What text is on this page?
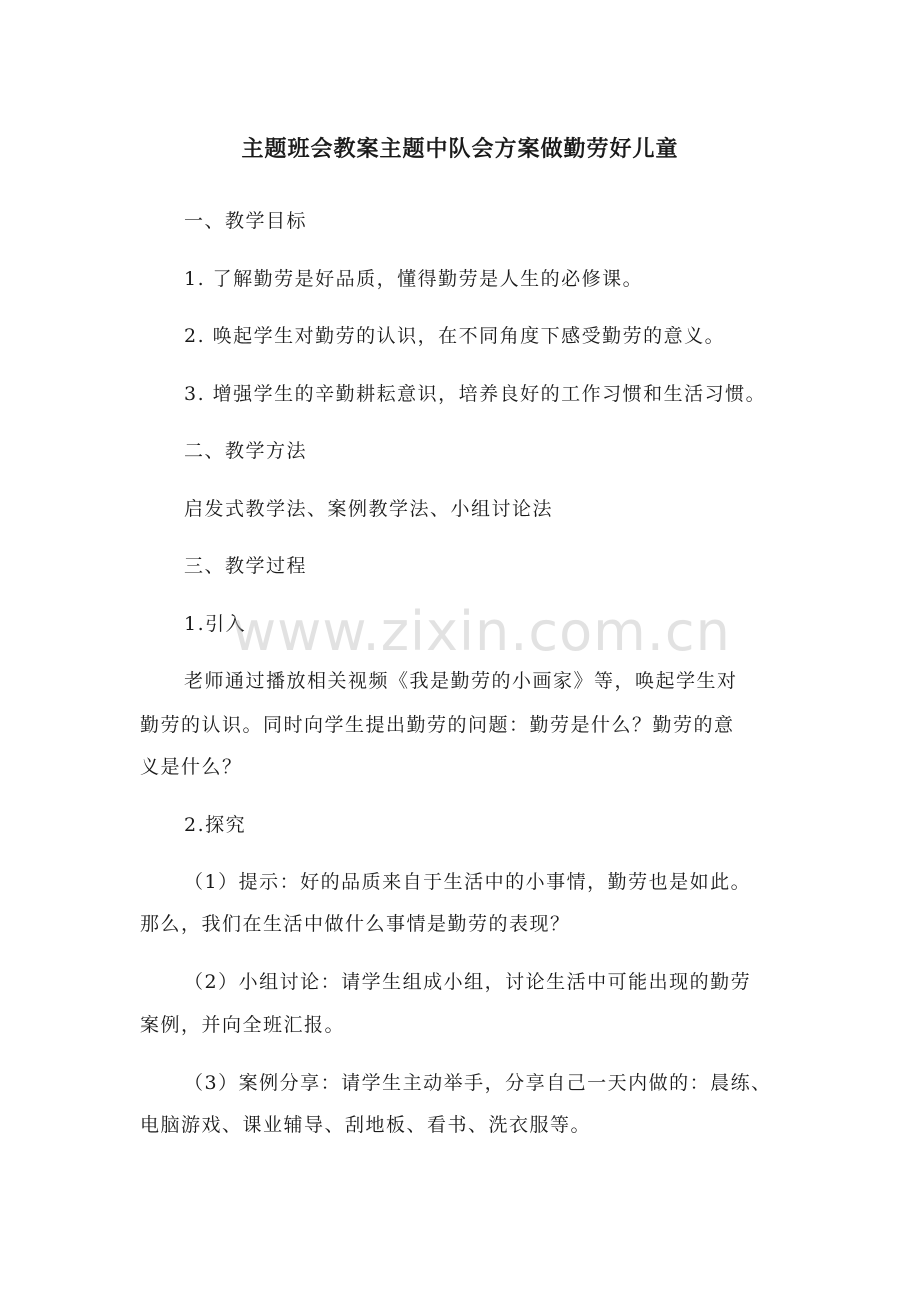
主题班会教案主题中队会方案做勤劳好儿童

一、教学目标

1. 了解勤劳是好品质，懂得勤劳是人生的必修课。

2. 唤起学生对勤劳的认识，在不同角度下感受勤劳的意义。

3. 增强学生的辛勤耕耘意识，培养良好的工作习惯和生活习惯。

二、教学方法

启发式教学法、案例教学法、小组讨论法

三、教学过程

1.引入

老师通过播放相关视频《我是勤劳的小画家》等，唤起学生对

勤劳的认识。同时向学生提出勤劳的问题：勤劳是什么？勤劳的意

义是什么？

2.探究

（1）提示：好的品质来自于生活中的小事情，勤劳也是如此。

那么，我们在生活中做什么事情是勤劳的表现？

（2）小组讨论：请学生组成小组，讨论生活中可能出现的勤劳

案例，并向全班汇报。

（3）案例分享：请学生主动举手，分享自己一天内做的：晨练、

电脑游戏、课业辅导、刮地板、看书、洗衣服等。

www.zixin.com.cn
